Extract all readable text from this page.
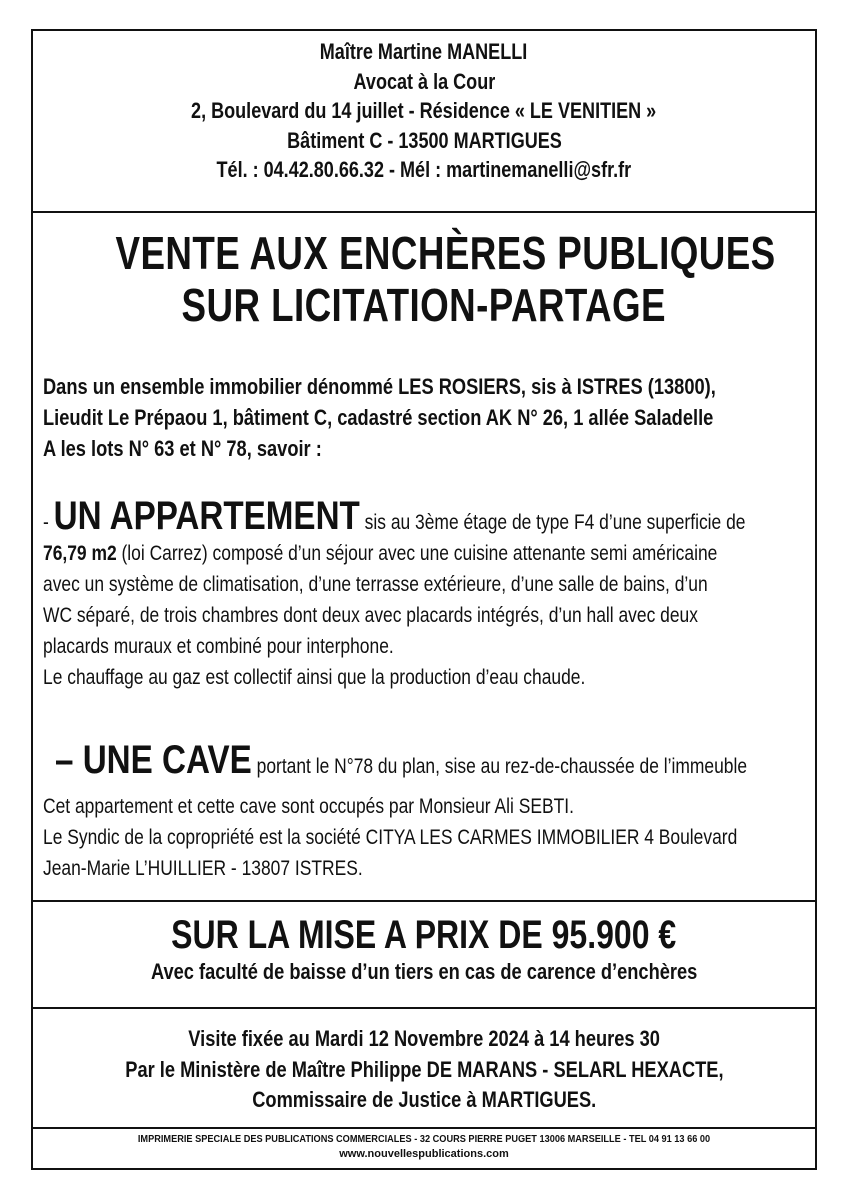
Maître Martine MANELLI
Avocat à la Cour
2, Boulevard du 14 juillet - Résidence « LE VENITIEN »
Bâtiment C - 13500 MARTIGUES
Tél. : 04.42.80.66.32 - Mél : martinemanelli@sfr.fr
VENTE AUX ENCHÈRES PUBLIQUES
SUR LICITATION-PARTAGE
Dans un ensemble immobilier dénommé LES ROSIERS, sis à ISTRES (13800),
Lieudit Le Prépaou 1, bâtiment C, cadastré section AK N° 26, 1 allée Saladelle
A les lots N° 63 et N° 78, savoir :
- UN APPARTEMENT sis au 3ème étage de type F4 d’une superficie de
76,79 m2 (loi Carrez) composé d’un séjour avec une cuisine attenante semi américaine
avec un système de climatisation, d’une terrasse extérieure, d’une salle de bains, d’un
WC séparé, de trois chambres dont deux avec placards intégrés, d’un hall avec deux
placards muraux et combiné pour interphone.
Le chauffage au gaz est collectif ainsi que la production d’eau chaude.
– UNE CAVE portant le N°78 du plan, sise au rez-de-chaussée de l’immeuble
Cet appartement et cette cave sont occupés par Monsieur Ali SEBTI.
Le Syndic de la copropriété est la société CITYA LES CARMES IMMOBILIER 4 Boulevard
Jean-Marie L’HUILLIER - 13807 ISTRES.
SUR LA MISE A PRIX DE 95.900 €
Avec faculté de baisse d’un tiers en cas de carence d’enchères
Visite fixée au Mardi 12 Novembre 2024 à 14 heures 30
Par le Ministère de Maître Philippe DE MARANS - SELARL HEXACTE,
Commissaire de Justice à MARTIGUES.
IMPRIMERIE SPECIALE DES PUBLICATIONS COMMERCIALES - 32 COURS PIERRE PUGET 13006 MARSEILLE - TEL 04 91 13 66 00
www.nouvellespublications.com
